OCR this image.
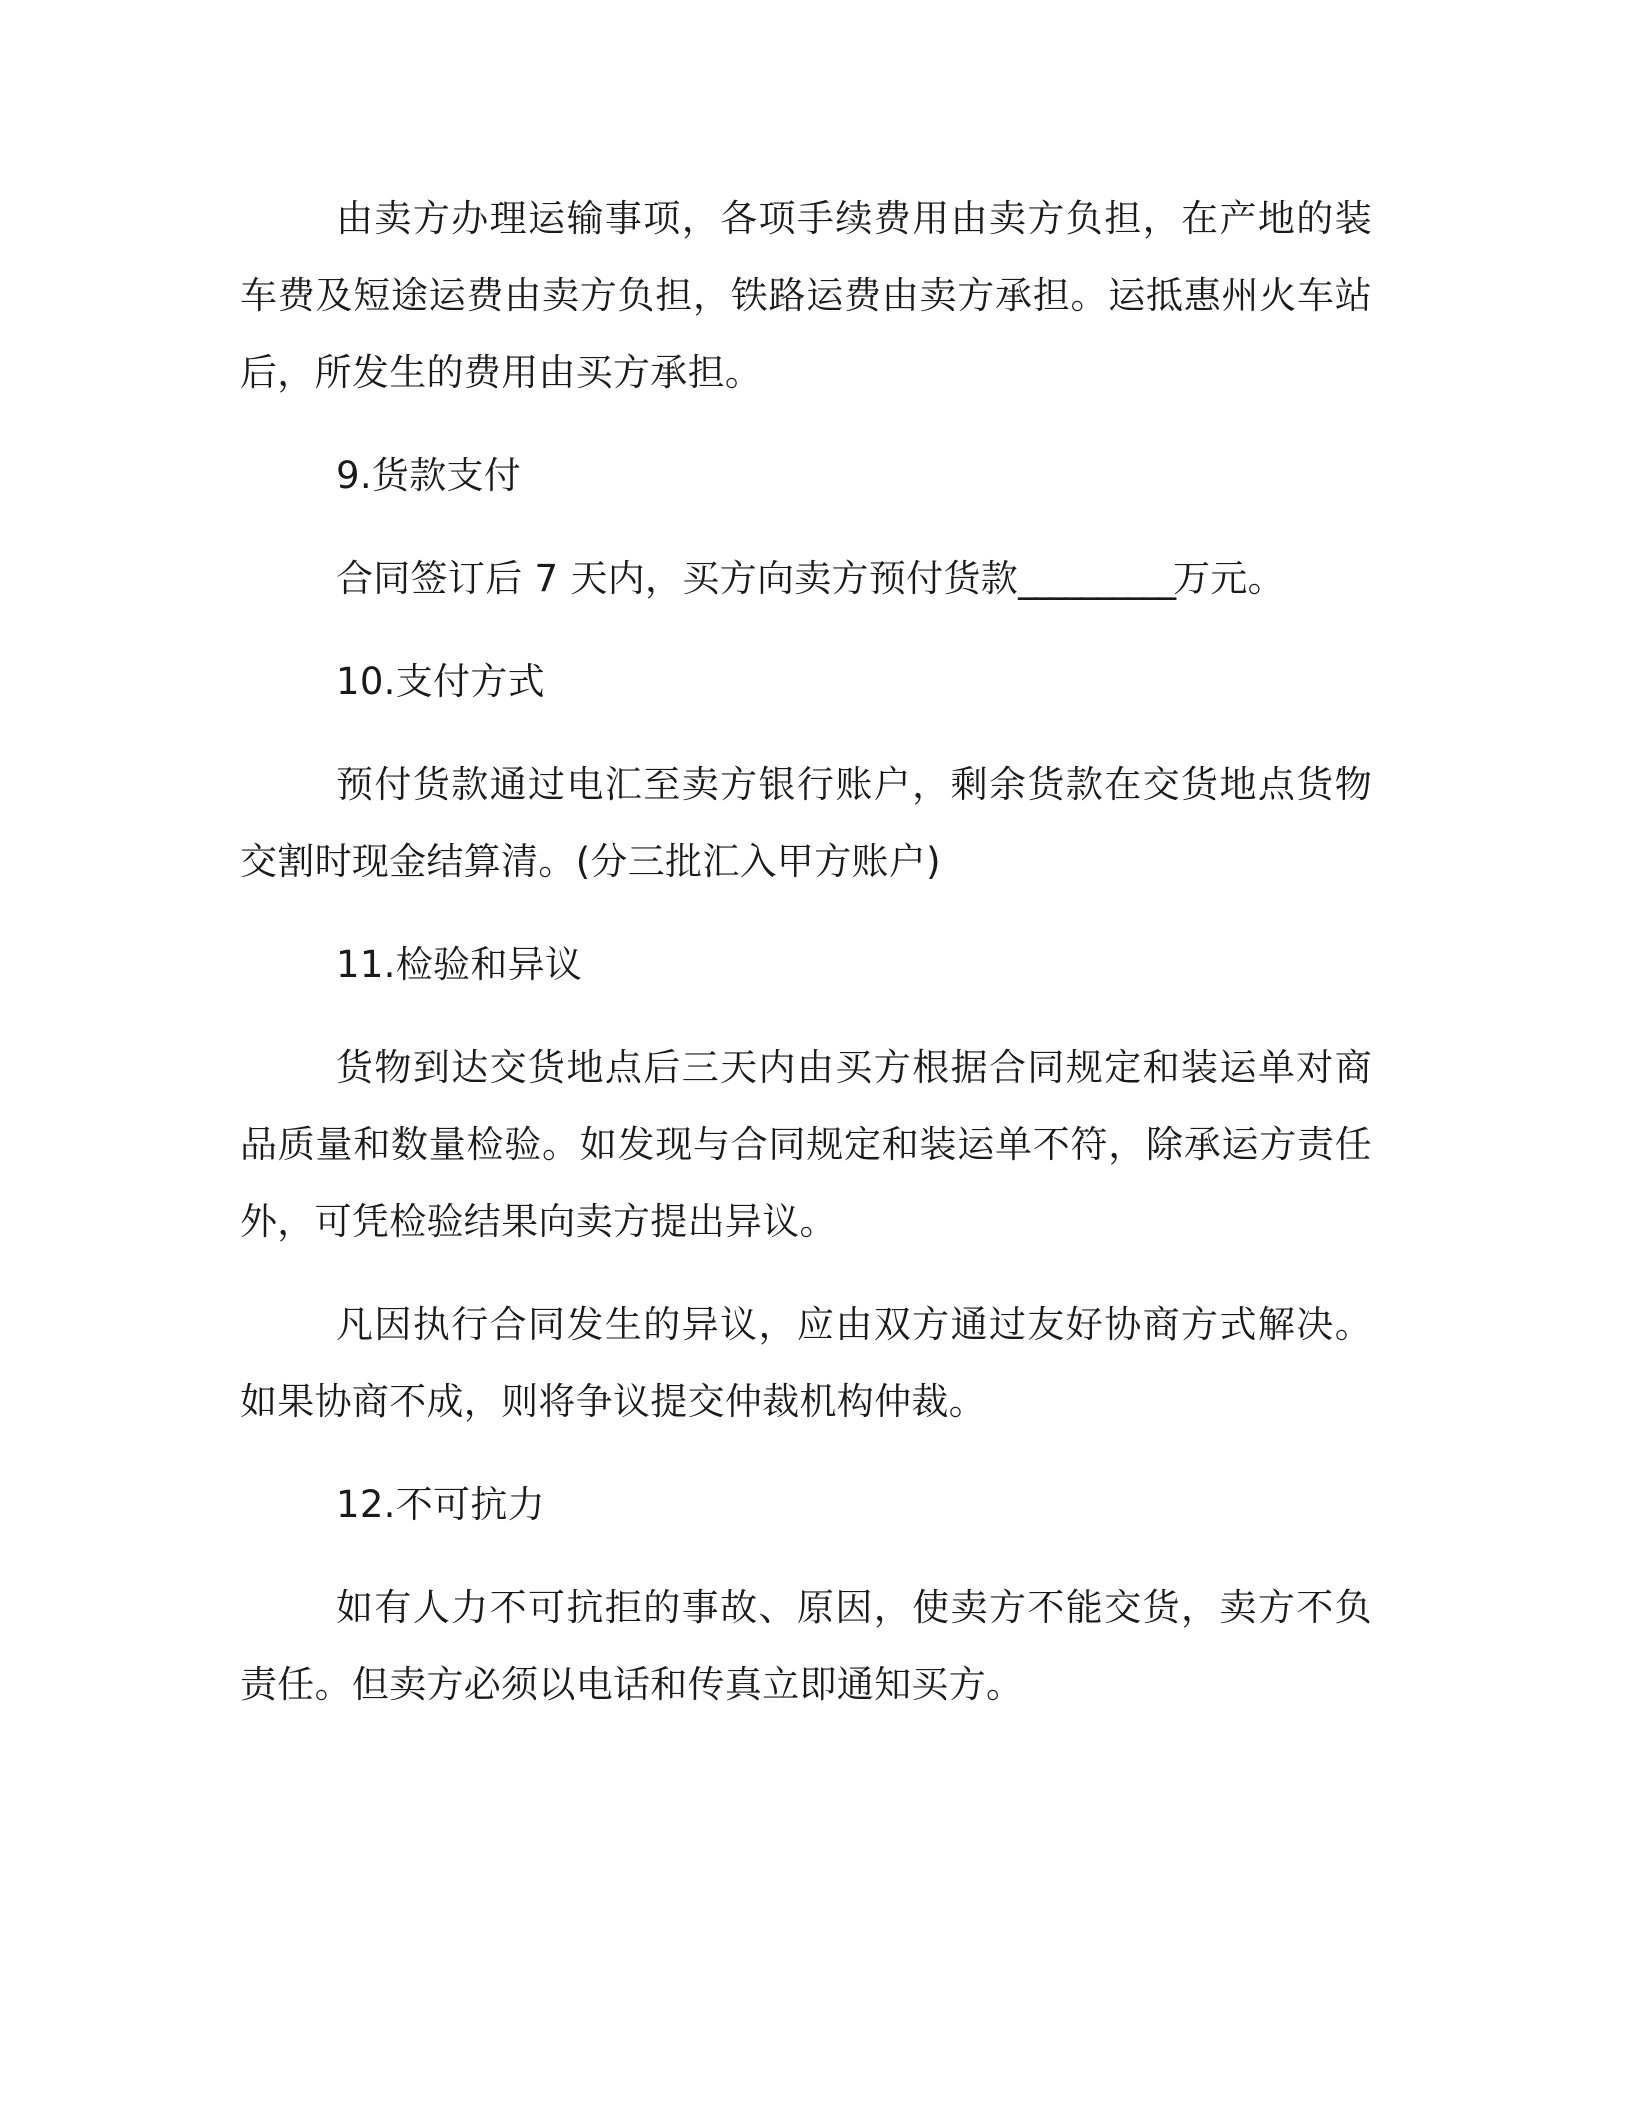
由卖方办理运输事项，各项手续费用由卖方负担，在产地的装车费及短途运费由卖方负担，铁路运费由卖方承担。运抵惠州火车站后，所发生的费用由买方承担。

9.货款支付

合同签订后 7 天内，买方向卖方预付货款__________万元。

10.支付方式

预付货款通过电汇至卖方银行账户，剩余货款在交货地点货物交割时现金结算清。(分三批汇入甲方账户)

11.检验和异议

货物到达交货地点后三天内由买方根据合同规定和装运单对商品质量和数量检验。如发现与合同规定和装运单不符，除承运方责任外，可凭检验结果向卖方提出异议。

凡因执行合同发生的异议，应由双方通过友好协商方式解决。如果协商不成，则将争议提交仲裁机构仲裁。

12.不可抗力

如有人力不可抗拒的事故、原因，使卖方不能交货，卖方不负责任。但卖方必须以电话和传真立即通知买方。
